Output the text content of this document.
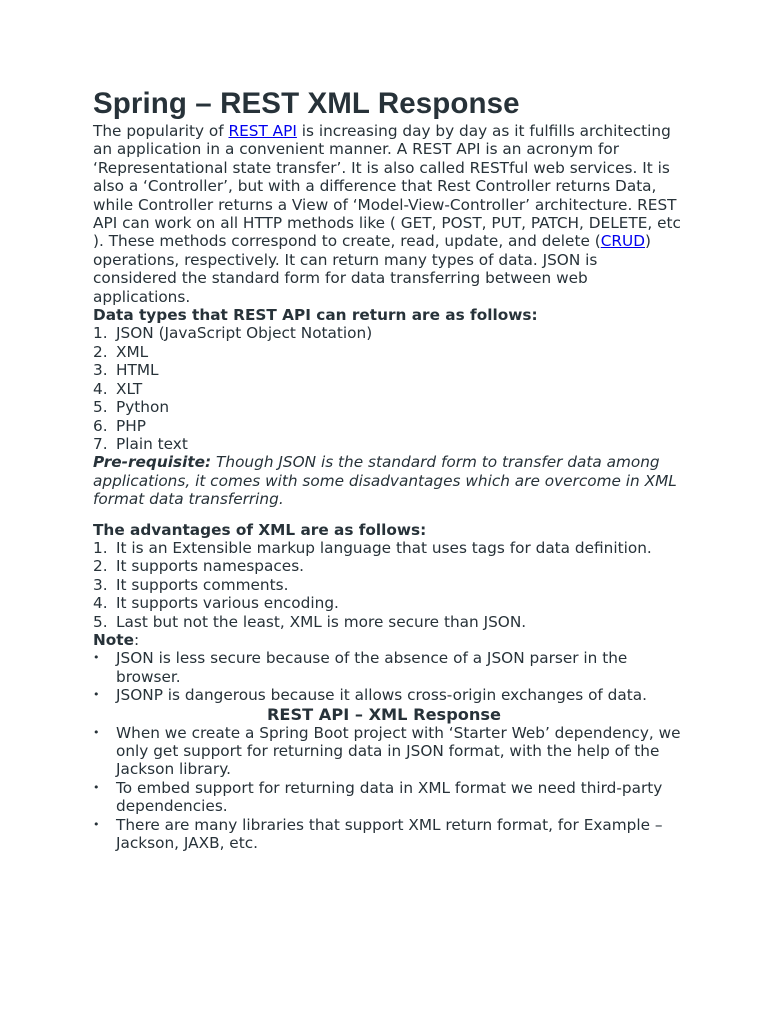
Spring – REST XML Response

The popularity of REST API is increasing day by day as it fulfills architecting an application in a convenient manner. A REST API is an acronym for ‘Representational state transfer’. It is also called RESTful web services. It is also a ‘Controller’, but with a difference that Rest Controller returns Data, while Controller returns a View of ‘Model-View-Controller’ architecture. REST API can work on all HTTP methods like ( GET, POST, PUT, PATCH, DELETE, etc ). These methods correspond to create, read, update, and delete (CRUD) operations, respectively. It can return many types of data. JSON is considered the standard form for data transferring between web applications.

Data types that REST API can return are as follows:
1. JSON (JavaScript Object Notation)
2. XML
3. HTML
4. XLT
5. Python
6. PHP
7. Plain text

Pre-requisite: Though JSON is the standard form to transfer data among applications, it comes with some disadvantages which are overcome in XML format data transferring.

The advantages of XML are as follows:
1. It is an Extensible markup language that uses tags for data definition.
2. It supports namespaces.
3. It supports comments.
4. It supports various encoding.
5. Last but not the least, XML is more secure than JSON.

Note:

• JSON is less secure because of the absence of a JSON parser in the browser.
• JSONP is dangerous because it allows cross-origin exchanges of data.
REST API – XML Response
• When we create a Spring Boot project with ‘Starter Web’ dependency, we only get support for returning data in JSON format, with the help of the Jackson library.
• To embed support for returning data in XML format we need third-party dependencies.
• There are many libraries that support XML return format, for Example – Jackson, JAXB, etc.
